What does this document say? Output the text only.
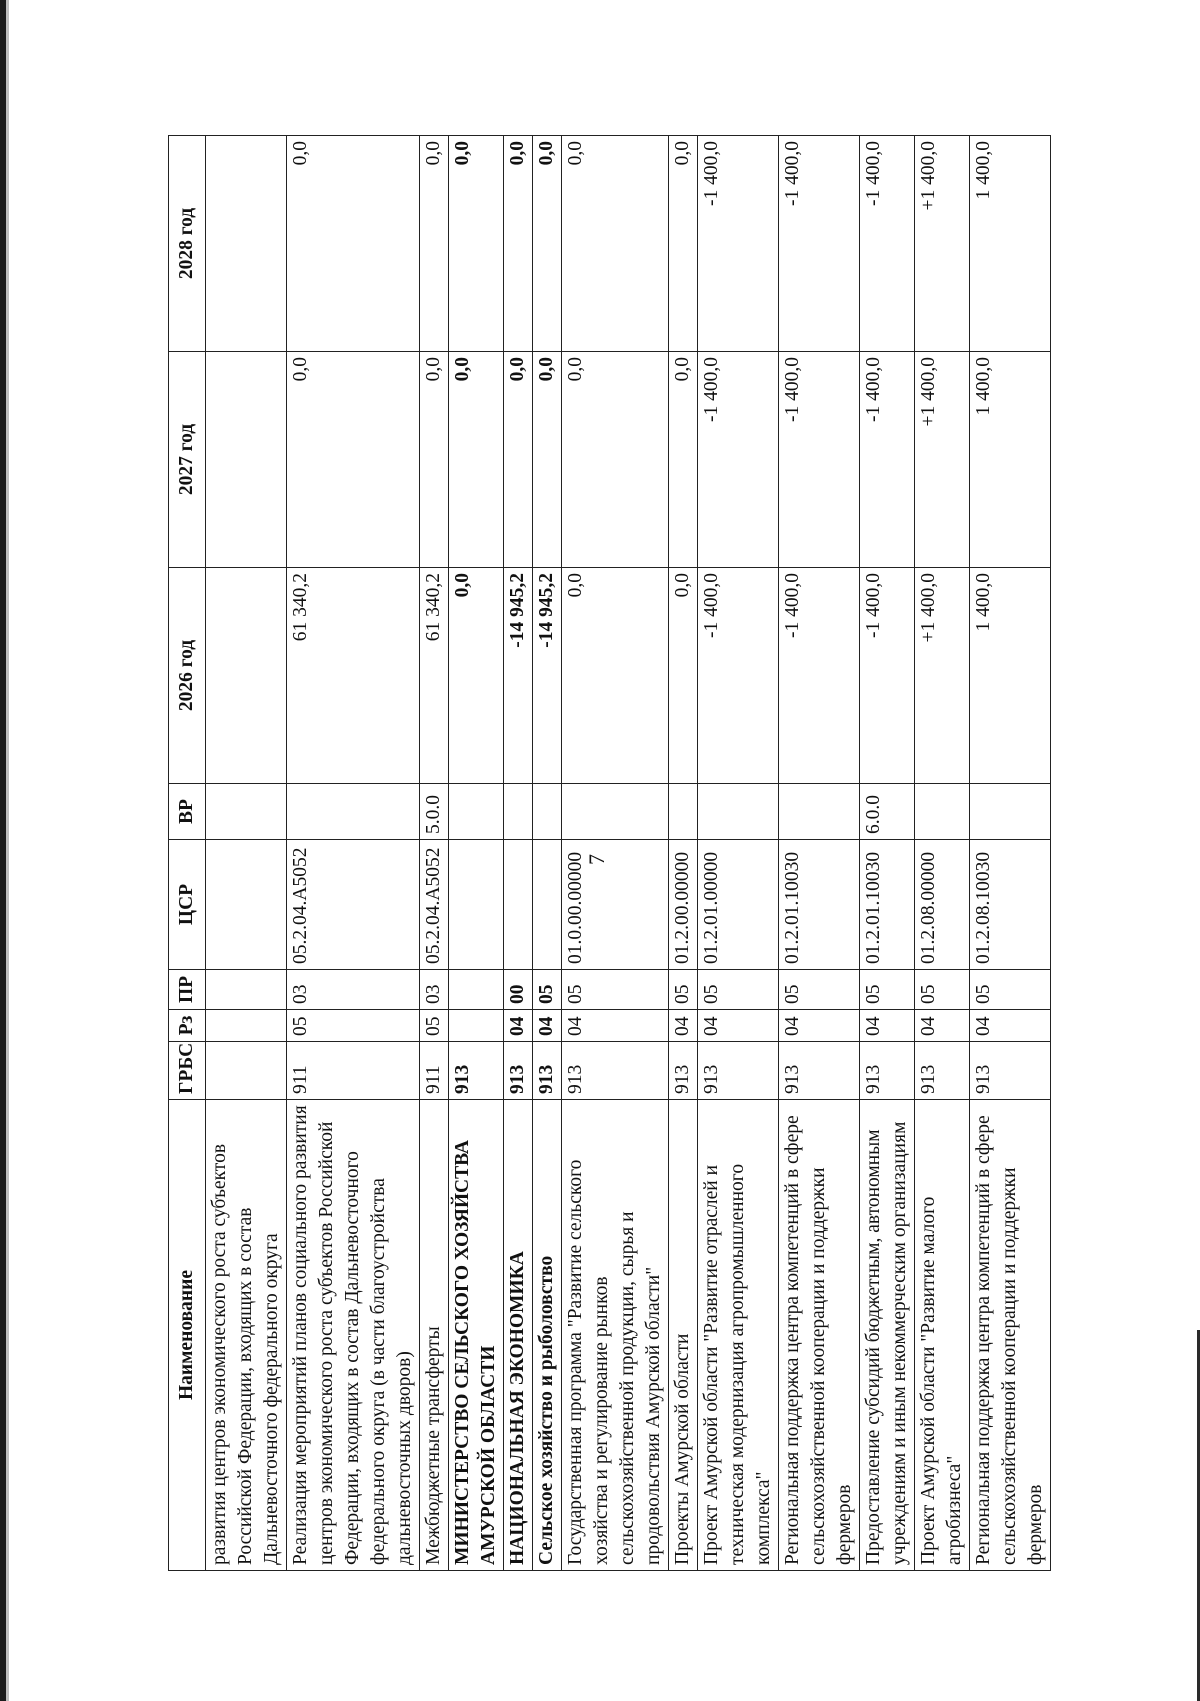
7
Наименование	ГРБС	Рз	ПР	ЦСР	ВР	2026 год	2027 год	2028 год
развития центров экономического роста субъектов Российской Федерации, входящих в состав Дальневосточного федерального округа								
Реализация мероприятий планов социального развития центров экономического роста субъектов Российской Федерации, входящих в состав Дальневосточного федерального округа (в части благоустройства дальневосточных дворов)	911	05	03	05.2.04.А5052		61 340,2	0,0	0,0
Межбюджетные трансферты	911	05	03	05.2.04.А5052	5.0.0	61 340,2	0,0	0,0
МИНИСТЕРСТВО СЕЛЬСКОГО ХОЗЯЙСТВА АМУРСКОЙ ОБЛАСТИ	913					0,0	0,0	0,0
НАЦИОНАЛЬНАЯ ЭКОНОМИКА	913	04	00			-14 945,2	0,0	0,0
Сельское хозяйство и рыболовство	913	04	05			-14 945,2	0,0	0,0
Государственная программа "Развитие сельского хозяйства и регулирование рынков сельскохозяйственной продукции, сырья и продовольствия Амурской области"	913	04	05	01.0.00.00000		0,0	0,0	0,0
Проекты Амурской области	913	04	05	01.2.00.00000		0,0	0,0	0,0
Проект Амурской области "Развитие отраслей и техническая модернизация агропромышленного комплекса"	913	04	05	01.2.01.00000		-1 400,0	-1 400,0	-1 400,0
Региональная поддержка центра компетенций в сфере сельскохозяйственной кооперации и поддержки фермеров	913	04	05	01.2.01.10030		-1 400,0	-1 400,0	-1 400,0
Предоставление субсидий бюджетным, автономным учреждениям и иным некоммерческим организациям	913	04	05	01.2.01.10030	6.0.0	-1 400,0	-1 400,0	-1 400,0
Проект Амурской области "Развитие малого агробизнеса"	913	04	05	01.2.08.00000		+1 400,0	+1 400,0	+1 400,0
Региональная поддержка центра компетенций в сфере сельскохозяйственной кооперации и поддержки фермеров	913	04	05	01.2.08.10030		1 400,0	1 400,0	1 400,0
